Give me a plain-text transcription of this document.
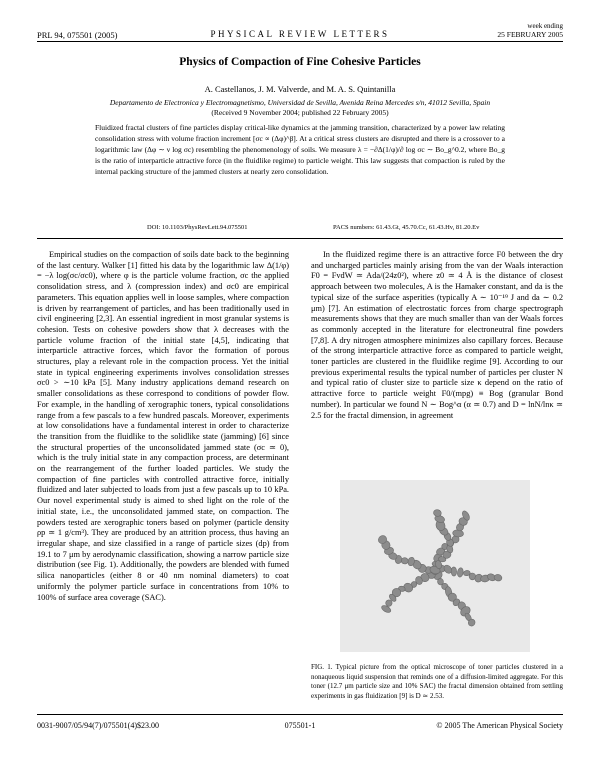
PRL 94, 075501 (2005)	PHYSICAL REVIEW LETTERS
week ending
25 FEBRUARY 2005
Physics of Compaction of Fine Cohesive Particles
A. Castellanos, J. M. Valverde, and M. A. S. Quintanilla
Departamento de Electronica y Electromagnetismo, Universidad de Sevilla, Avenida Reina Mercedes s/n, 41012 Sevilla, Spain
(Received 9 November 2004; published 22 February 2005)
Fluidized fractal clusters of fine particles display critical-like dynamics at the jamming transition, characterized by a power law relating consolidation stress with volume fraction increment [σc ∝ (Δφ)^β]. At a critical stress clusters are disrupted and there is a crossover to a logarithmic law (Δφ ∼ ν log σc) resembling the phenomenology of soils. We measure λ = −∂Δ(1/φ)/∂ log σc ∼ Bo_g^0.2, where Bo_g is the ratio of interparticle attractive force (in the fluidlike regime) to particle weight. This law suggests that compaction is ruled by the internal packing structure of the jammed clusters at nearly zero consolidation.
DOI: 10.1103/PhysRevLett.94.075501	PACS numbers: 61.43.Gt, 45.70.Cc, 61.43.Hv, 81.20.Ev

Empirical studies on the compaction of soils date back to the beginning of the last century. Walker [1] fitted his data by the logarithmic law Δ(1/φ) = −λ log(σc/σc0), where φ is the particle volume fraction, σc the applied consolidation stress, and λ (compression index) and σc0 are empirical parameters. This equation applies well in loose samples, where compaction is driven by rearrangement of particles, and has been traditionally used in civil engineering [2,3]. An essential ingredient in most granular systems is cohesion. Tests on cohesive powders show that λ decreases with the particle volume fraction of the initial state [4,5], indicating that interparticle attractive forces, which favor the formation of porous structures, play a relevant role in the compaction process. Yet the initial state in typical engineering experiments involves consolidation stresses σc0 > ∼10 kPa [5]. Many industry applications demand research on smaller consolidations as these correspond to conditions of powder flow. For example, in the handling of xerographic toners, typical consolidations range from a few pascals to a few hundred pascals. Moreover, experiments at low consolidations have a fundamental interest in order to characterize the transition from the fluidlike to the solidlike state (jamming) [6] since the structural properties of the unconsolidated jammed state (σc ≃ 0), which is the truly initial state in any compaction process, are determinant on the rearrangement of the further loaded particles. We study the compaction of fine particles with controlled attractive force, initially fluidized and later subjected to loads from just a few pascals up to 10 kPa. Our novel experimental study is aimed to shed light on the role of the initial state, i.e., the unconsolidated jammed state, on compaction. The powders tested are xerographic toners based on polymer (particle density ρp ≃ 1 g/cm³). They are produced by an attrition process, thus having an irregular shape, and size classified in a range of particle sizes (dp) from 19.1 to 7 μm by aerodynamic classification, showing a narrow particle size distribution (see Fig. 1). Additionally, the powders are blended with fumed silica nanoparticles (either 8 or 40 nm nominal diameters) to coat uniformly the polymer particle surface in concentrations from 10% to 100% of surface area coverage (SAC).

In the fluidized regime there is an attractive force F0 between the dry and uncharged particles mainly arising from the van der Waals interaction F0 = FvdW ≃ Ada/(24z0²), where z0 ≃ 4 Å is the distance of closest approach between two molecules, A is the Hamaker constant, and da is the typical size of the surface asperities (typically A ∼ 10⁻¹⁹ J and da ∼ 0.2 μm) [7]. An estimation of electrostatic forces from charge spectrograph measurements shows that they are much smaller than van der Waals forces as commonly accepted in the literature for electroneutral fine powders [7,8]. A dry nitrogen atmosphere minimizes also capillary forces. Because of the strong interparticle attractive force as compared to particle weight, toner particles are clustered in the fluidlike regime [9]. According to our previous experimental results the typical number of particles per cluster N and typical ratio of cluster size to particle size κ depend on the ratio of attractive force to particle weight F0/(mpg) ≡ Bog (granular Bond number). In particular we found N ∼ Bog^α (α ≃ 0.7) and D = lnN/lnκ ≃ 2.5 for the fractal dimension, in agreement

FIG. 1. Typical picture from the optical microscope of toner particles clustered in a nonaqueous liquid suspension that reminds one of a diffusion-limited aggregate. For this toner (12.7 μm particle size and 10% SAC) the fractal dimension obtained from settling experiments in gas fluidization [9] is D ≃ 2.53.
0031-9007/05/94(7)/075501(4)$23.00	075501-1	© 2005 The American Physical Society
